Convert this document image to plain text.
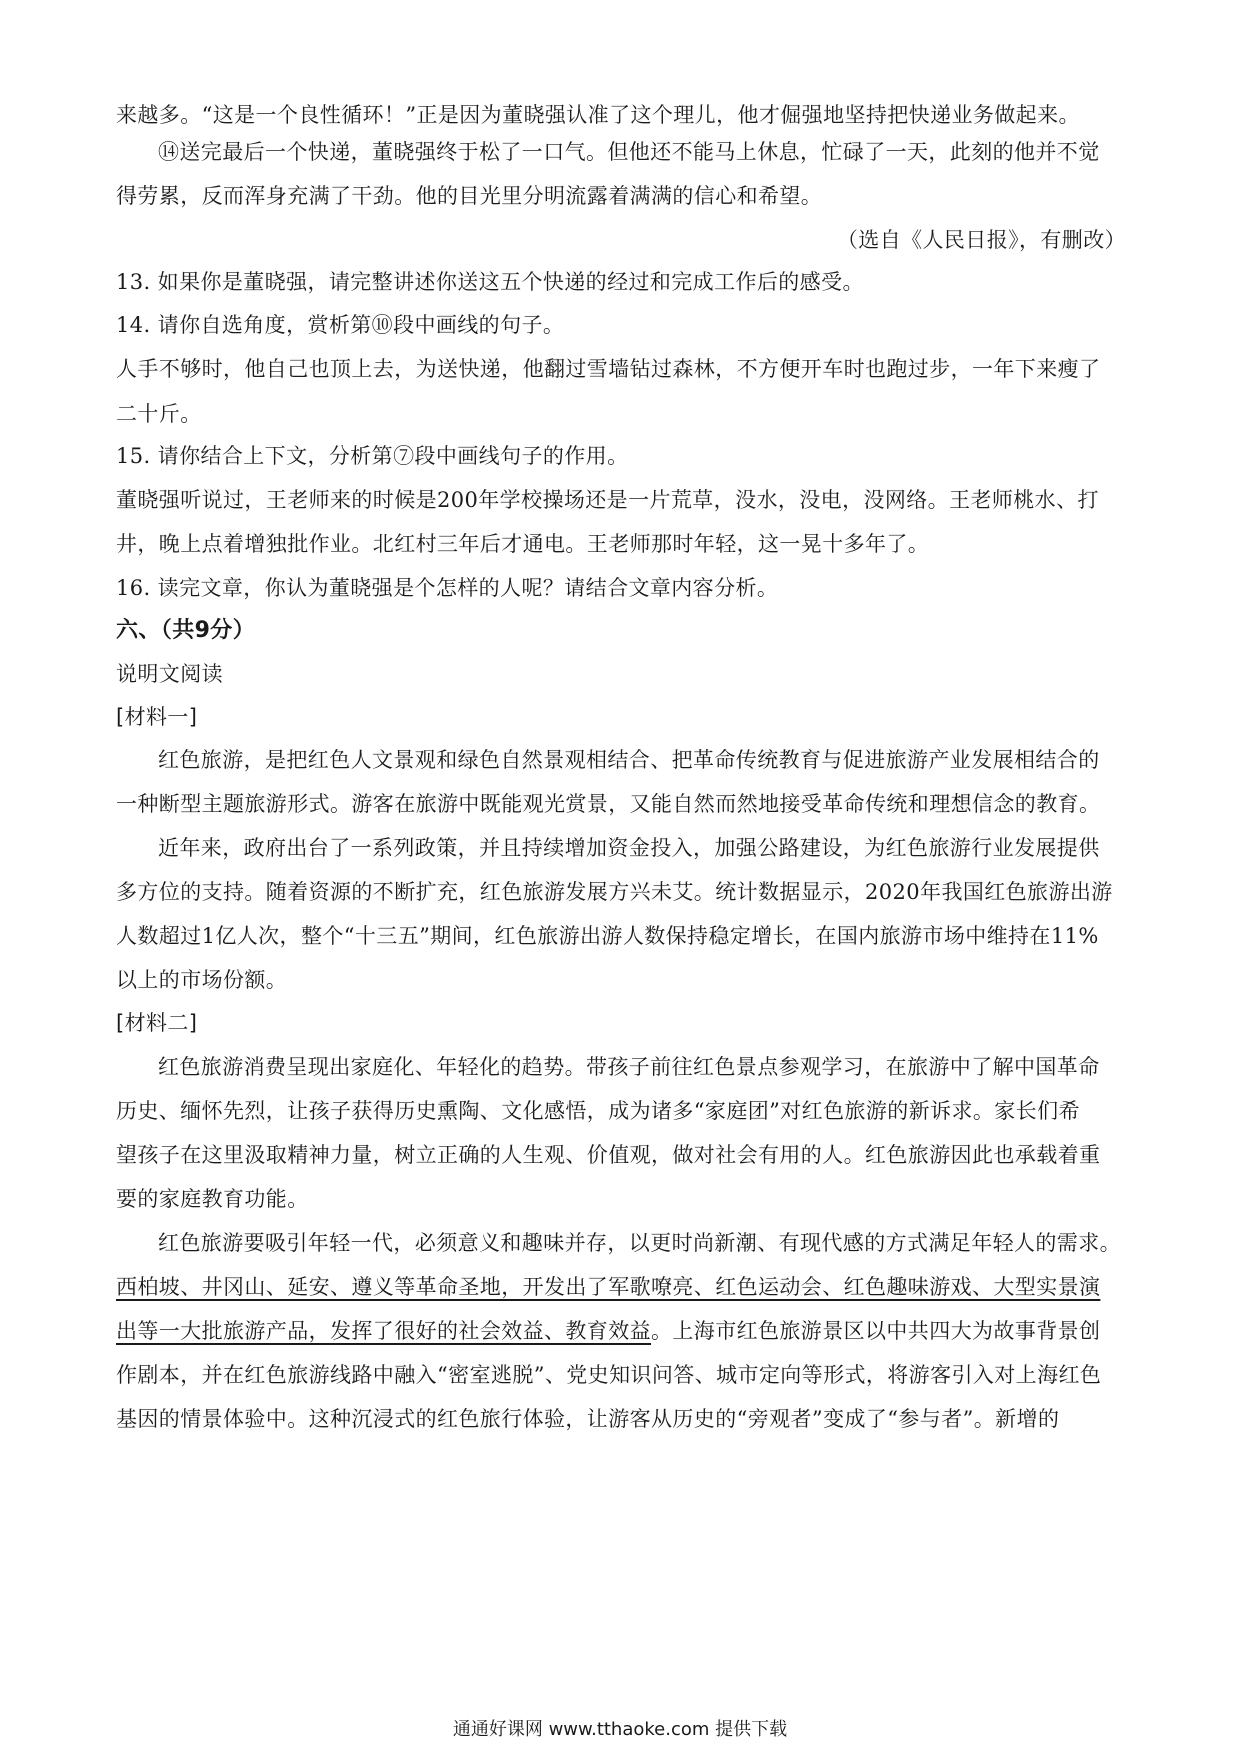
来越多。“这是一个良性循环！”正是因为董晓强认准了这个理儿，他才倔强地坚持把快递业务做起来。
⑭送完最后一个快递，董晓强终于松了一口气。但他还不能马上休息，忙碌了一天，此刻的他并不觉
得劳累，反而浑身充满了干劲。他的目光里分明流露着满满的信心和希望。
（选自《人民日报》，有删改）
13. 如果你是董晓强，请完整讲述你送这五个快递的经过和完成工作后的感受。
14. 请你自选角度，赏析第⑩段中画线的句子。
人手不够时，他自己也顶上去，为送快递，他翻过雪墙钻过森林，不方便开车时也跑过步，一年下来瘦了
二十斤。
15. 请你结合上下文，分析第⑦段中画线句子的作用。
董晓强听说过，王老师来的时候是200年学校操场还是一片荒草，没水，没电，没网络。王老师桃水、打
井，晚上点着增独批作业。北红村三年后才通电。王老师那时年轻，这一晃十多年了。
16. 读完文章，你认为董晓强是个怎样的人呢？请结合文章内容分析。
六、（共9分）
说明文阅读
[材料一]
红色旅游，是把红色人文景观和绿色自然景观相结合、把革命传统教育与促进旅游产业发展相结合的
一种断型主题旅游形式。游客在旅游中既能观光赏景，又能自然而然地接受革命传统和理想信念的教育。
近年来，政府出台了一系列政策，并且持续增加资金投入，加强公路建设，为红色旅游行业发展提供
多方位的支持。随着资源的不断扩充，红色旅游发展方兴未艾。统计数据显示，2020年我国红色旅游出游
人数超过1亿人次，整个“十三五”期间，红色旅游出游人数保持稳定增长，在国内旅游市场中维持在11%
以上的市场份额。
[材料二]
红色旅游消费呈现出家庭化、年轻化的趋势。带孩子前往红色景点参观学习，在旅游中了解中国革命
历史、缅怀先烈，让孩子获得历史熏陶、文化感悟，成为诸多“家庭团”对红色旅游的新诉求。家长们希
望孩子在这里汲取精神力量，树立正确的人生观、价值观，做对社会有用的人。红色旅游因此也承载着重
要的家庭教育功能。
红色旅游要吸引年轻一代，必须意义和趣味并存，以更时尚新潮、有现代感的方式满足年轻人的需求。
西柏坡、井冈山、延安、遵义等革命圣地，开发出了军歌嘹亮、红色运动会、红色趣味游戏、大型实景演
出等一大批旅游产品，发挥了很好的社会效益、教育效益。上海市红色旅游景区以中共四大为故事背景创
作剧本，并在红色旅游线路中融入“密室逃脱”、党史知识问答、城市定向等形式，将游客引入对上海红色
基因的情景体验中。这种沉浸式的红色旅行体验，让游客从历史的“旁观者”变成了“参与者”。新增的
通通好课网 www.tthaoke.com 提供下载
